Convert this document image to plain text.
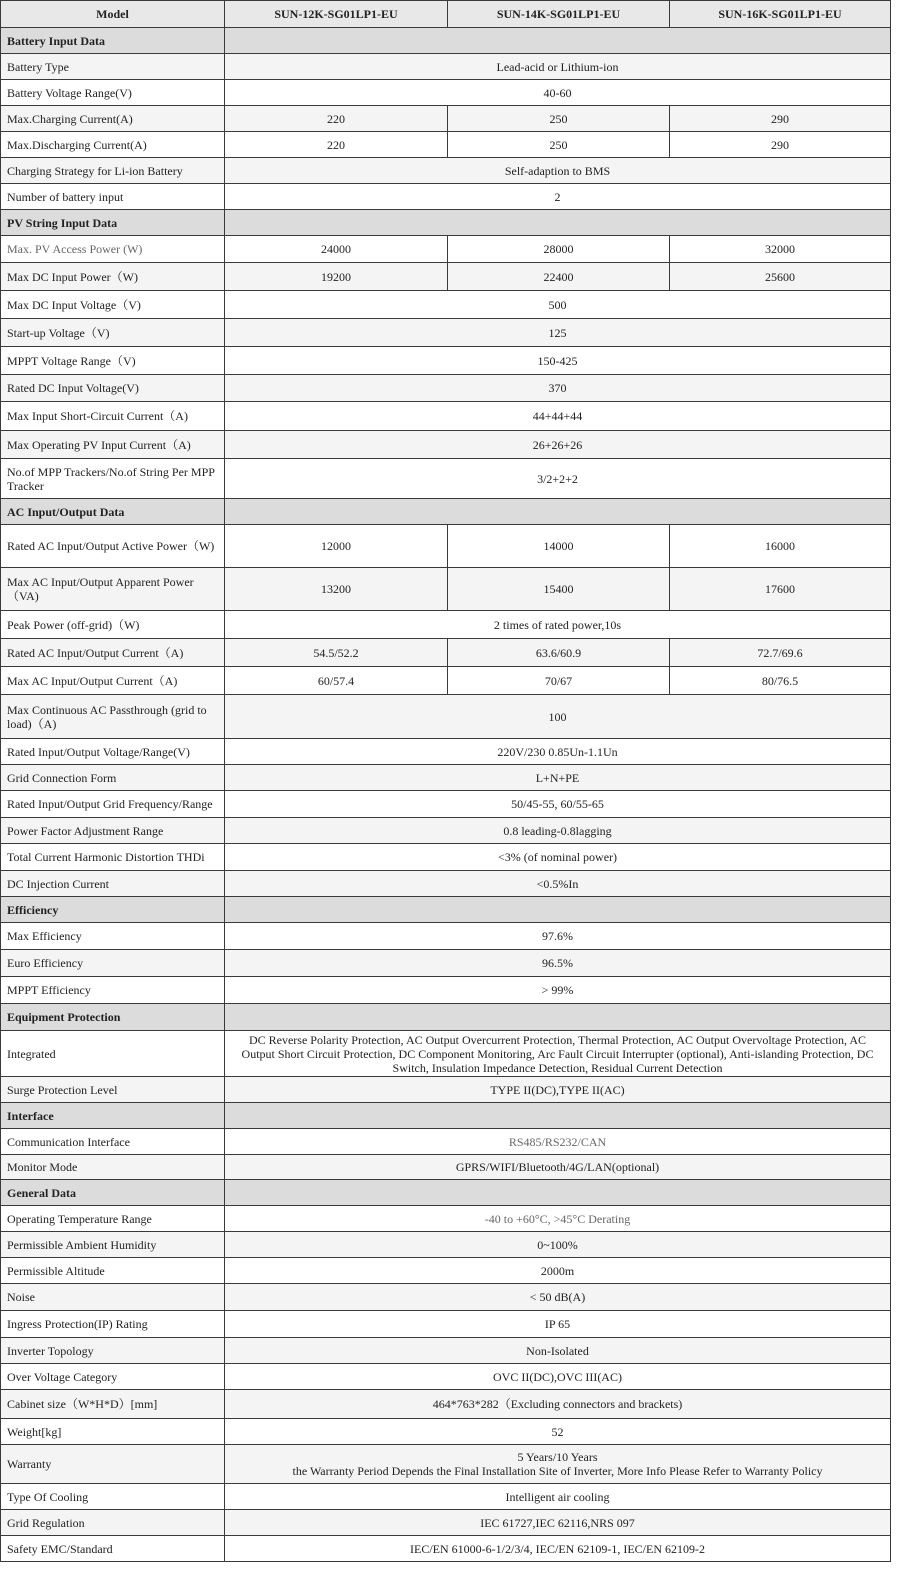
Model	SUN-12K-SG01LP1-EU	SUN-14K-SG01LP1-EU	SUN-16K-SG01LP1-EU
Battery Input Data			
Battery Type	Lead-acid or Lithium-ion		
Battery Voltage Range(V)	40-60		
Max.Charging Current(A)	220	250	290
Max.Discharging Current(A)	220	250	290
Charging Strategy for Li-ion Battery	Self-adaption to BMS		
Number of battery input	2		
PV String Input Data			
Max. PV Access Power (W)	24000	28000	32000
Max DC Input Power（W)	19200	22400	25600
Max DC Input Voltage（V)	500		
Start-up Voltage（V)	125		
MPPT Voltage Range（V)	150-425		
Rated DC Input Voltage(V)	370		
Max Input Short-Circuit Current（A)	44+44+44		
Max Operating PV Input Current（A)	26+26+26		
No.of MPP Trackers/No.of String Per MPP Tracker	3/2+2+2		
AC Input/Output Data			
Rated AC Input/Output Active Power（W)	12000	14000	16000
Max AC Input/Output Apparent Power（VA)	13200	15400	17600
Peak Power (off-grid)（W)	2 times of rated power,10s		
Rated AC Input/Output Current（A)	54.5/52.2	63.6/60.9	72.7/69.6
Max AC Input/Output Current（A)	60/57.4	70/67	80/76.5
Max Continuous AC Passthrough (grid to load)（A)	100		
Rated Input/Output Voltage/Range(V)	220V/230 0.85Un-1.1Un		
Grid Connection Form	L+N+PE		
Rated Input/Output Grid Frequency/Range	50/45-55, 60/55-65		
Power Factor Adjustment Range	0.8 leading-0.8lagging		
Total Current Harmonic Distortion THDi	<3% (of nominal power)		
DC Injection Current	<0.5%In		
Efficiency			
Max Efficiency	97.6%		
Euro Efficiency	96.5%		
MPPT Efficiency	> 99%		
Equipment Protection			
Integrated	DC Reverse Polarity Protection, AC Output Overcurrent Protection, Thermal Protection, AC Output Overvoltage Protection, AC Output Short Circuit Protection, DC Component Monitoring, Arc Fault Circuit Interrupter (optional), Anti-islanding Protection, DC Switch, Insulation Impedance Detection, Residual Current Detection		
Surge Protection Level	TYPE II(DC),TYPE II(AC)		
Interface			
Communication Interface	RS485/RS232/CAN		
Monitor Mode	GPRS/WIFI/Bluetooth/4G/LAN(optional)		
General Data			
Operating Temperature Range	-40 to +60°C, >45°C Derating		
Permissible Ambient Humidity	0~100%		
Permissible Altitude	2000m		
Noise	< 50 dB(A)		
Ingress Protection(IP) Rating	IP 65		
Inverter Topology	Non-Isolated		
Over Voltage Category	OVC II(DC),OVC III(AC)		
Cabinet size（W*H*D）[mm]	464*763*282（Excluding connectors and brackets)		
Weight[kg]	52		
Warranty	5 Years/10 Years
the Warranty Period Depends the Final Installation Site of Inverter, More Info Please Refer to Warranty Policy		

Type Of Cooling	Intelligent air cooling		
Grid Regulation	IEC 61727,IEC 62116,NRS 097		
Safety EMC/Standard	IEC/EN 61000-6-1/2/3/4, IEC/EN 62109-1, IEC/EN 62109-2		
